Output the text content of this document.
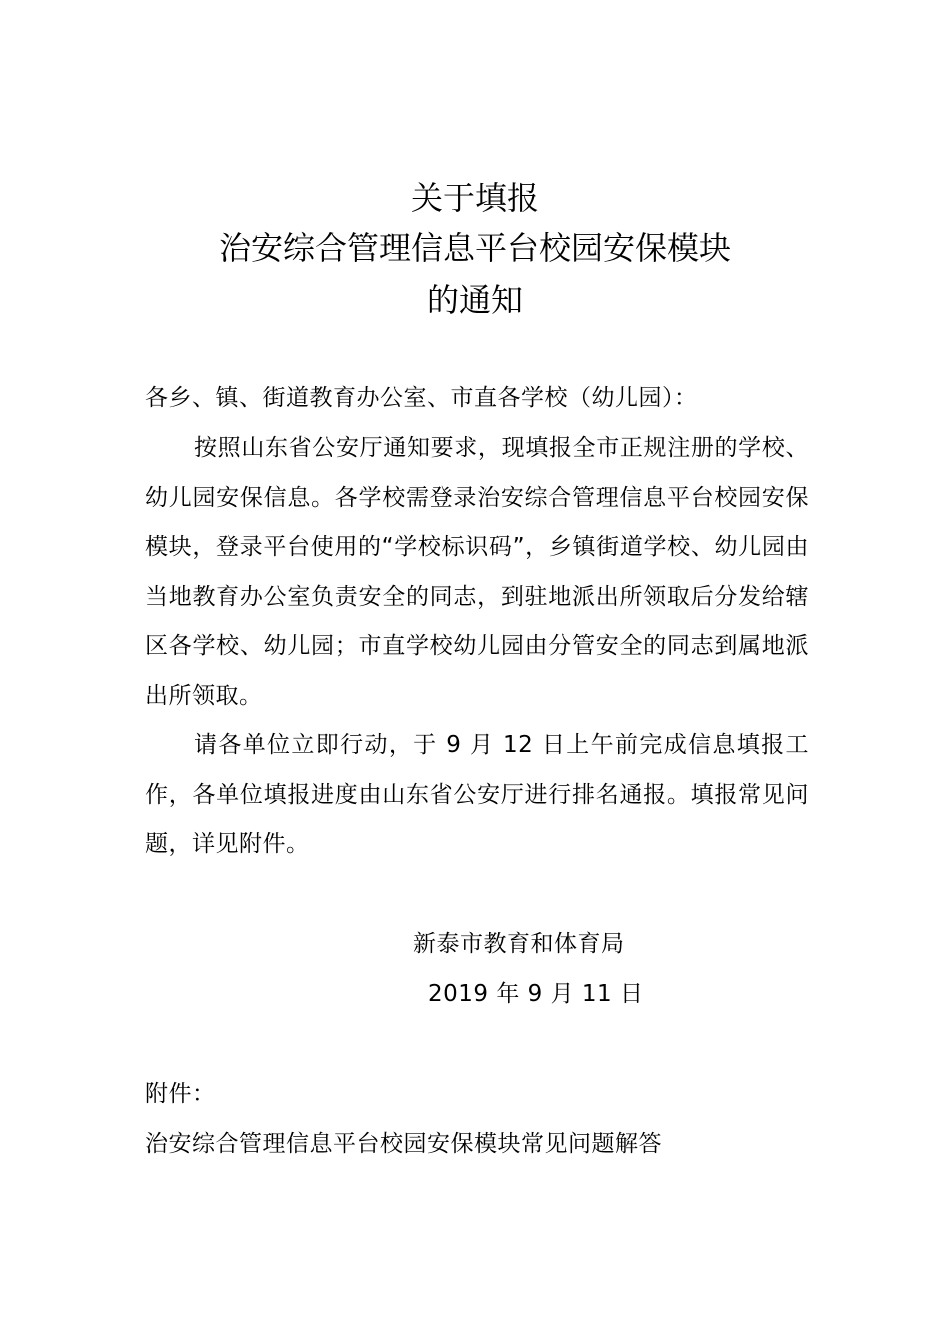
关于填报
治安综合管理信息平台校园安保模块
的通知
各乡、镇、街道教育办公室、市直各学校（幼儿园）：
按照山东省公安厅通知要求，现填报全市正规注册的学校、幼儿园安保信息。各学校需登录治安综合管理信息平台校园安保模块，登录平台使用的“学校标识码”，乡镇街道学校、幼儿园由当地教育办公室负责安全的同志，到驻地派出所领取后分发给辖区各学校、幼儿园；市直学校幼儿园由分管安全的同志到属地派出所领取。
请各单位立即行动，于 9 月 12 日上午前完成信息填报工作，各单位填报进度由山东省公安厅进行排名通报。填报常见问题，详见附件。
新泰市教育和体育局
2019 年 9 月 11 日
附件：
治安综合管理信息平台校园安保模块常见问题解答
